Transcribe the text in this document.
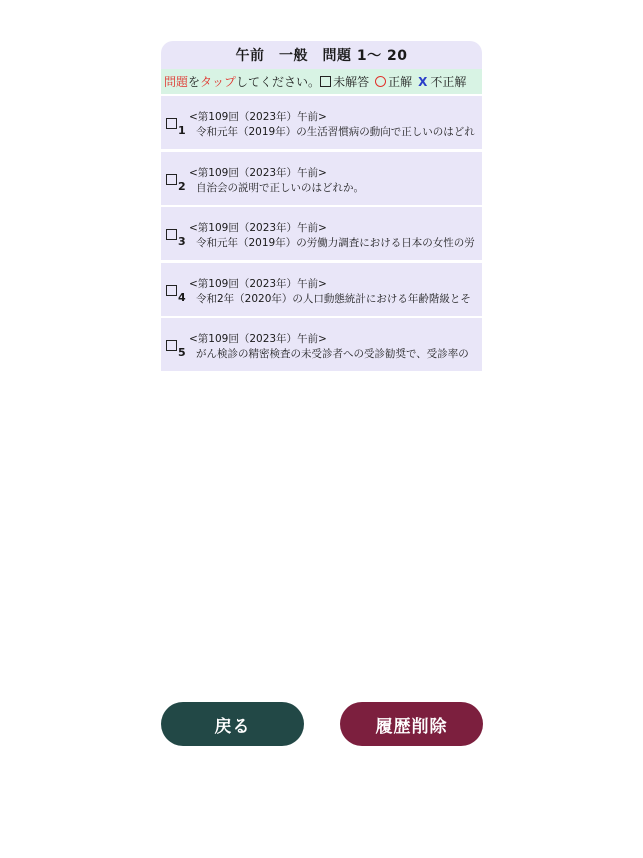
午前　一般　問題 1〜 20
問題 を タップ してください。 未解答 正解 X 不正解
1
<第109回（2023年）午前>
令和元年（2019年）の生活習慣病の動向で正しいのはどれ
2
<第109回（2023年）午前>
自治会の説明で正しいのはどれか。
3
<第109回（2023年）午前>
令和元年（2019年）の労働力調査における日本の女性の労
4
<第109回（2023年）午前>
令和2年（2020年）の人口動態統計における年齢階級とそ
5
<第109回（2023年）午前>
がん検診の精密検査の未受診者への受診勧奨で、受診率の
戻る	履歴削除
